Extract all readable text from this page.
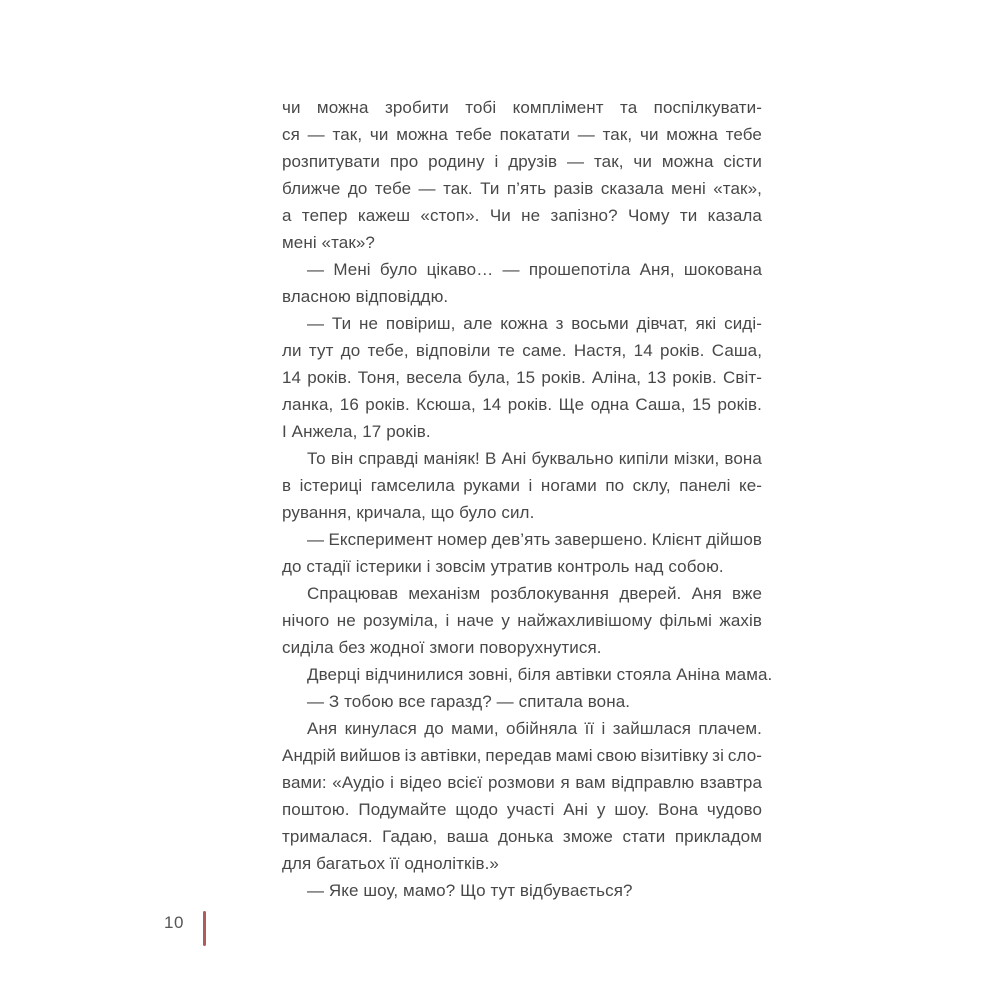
чи можна зробити тобі комплімент та поспілкувати-
ся — так, чи можна тебе покатати — так, чи можна тебе
розпитувати про родину і друзів — так, чи можна сісти
ближче до тебе — так. Ти п’ять разів сказала мені «так»,
а тепер кажеш «стоп». Чи не запізно? Чому ти казала
мені «так»?
— Мені було цікаво… — прошепотіла Аня, шокована
власною відповіддю.
— Ти не повіриш, але кожна з восьми дівчат, які сиді-
ли тут до тебе, відповіли те саме. Настя, 14 років. Саша,
14 років. Тоня, весела була, 15 років. Аліна, 13 років. Світ-
ланка, 16 років. Ксюша, 14 років. Ще одна Саша, 15 років.
І Анжела, 17 років.
То він справді маніяк! В Ані буквально кипіли мізки, вона
в істериці гамселила руками і ногами по склу, панелі ке-
рування, кричала, що було сил.
— Експеримент номер дев’ять завершено. Клієнт дійшов
до стадії істерики і зовсім утратив контроль над собою.
Спрацював механізм розблокування дверей. Аня вже
нічого не розуміла, і наче у найжахливішому фільмі жахів
сиділа без жодної змоги поворухнутися.
Дверці відчинилися зовні, біля автівки стояла Аніна мама.
— З тобою все гаразд? — спитала вона.
Аня кинулася до мами, обійняла її і зайшлася плачем.
Андрій вийшов із автівки, передав мамі свою візитівку зі сло-
вами: «Аудіо і відео всієї розмови я вам відправлю взавтра
поштою. Подумайте щодо участі Ані у шоу. Вона чудово
трималася. Гадаю, ваша донька зможе стати прикладом
для багатьох її однолітків.»
— Яке шоу, мамо? Що тут відбувається?
10
